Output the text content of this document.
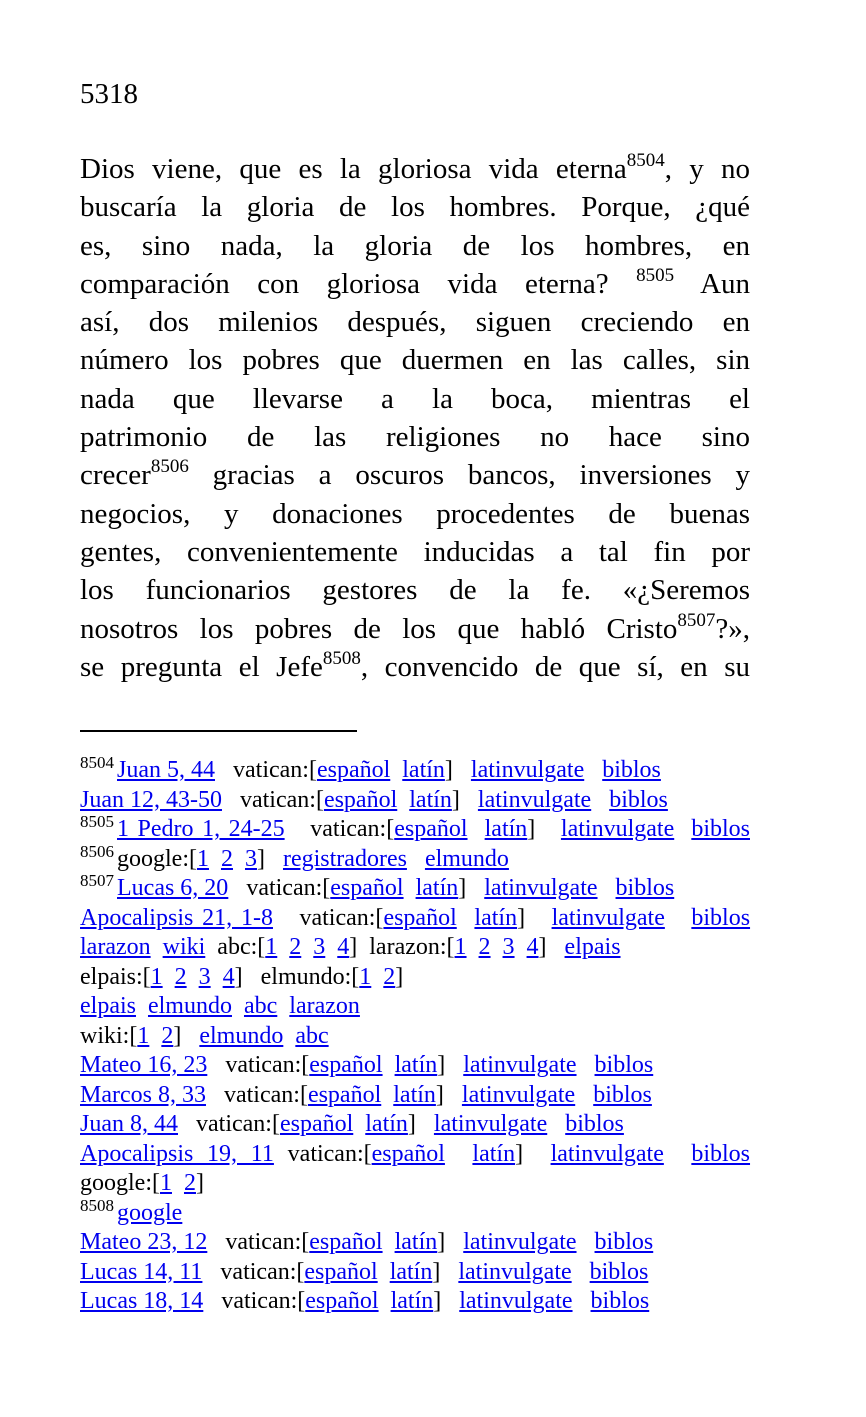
5318
Dios viene, que es la gloriosa vida eterna$^{8504}$, y no
buscaría la gloria de los hombres. Porque, ¿qué
es, sino nada, la gloria de los hombres, en
comparación con gloriosa vida eterna? $^{8505}$ Aun
así, dos milenios después, siguen creciendo en
número los pobres que duermen en las calles, sin
nada que llevarse a la boca, mientras el
patrimonio de las religiones no hace sino
crecer$^{8506}$ gracias a oscuros bancos, inversiones y
negocios, y donaciones procedentes de buenas
gentes, convenientemente inducidas a tal fin por
los funcionarios gestores de la fe. «¿Seremos
nosotros los pobres de los que habló Cristo$^{8507}$?»,
se pregunta el Jefe$^{8508}$, convencido de que sí, en su
$^{8504}$ Juan 5, 44   vatican:[español latín]   latinvulgate biblos
Juan 12, 43-50   vatican:[español latín]   latinvulgate biblos
$^{8505}$ 1 Pedro 1, 24-25   vatican:[español latín]   latinvulgate biblos
$^{8506}$ google:[1 2 3]   registradores elmundo
$^{8507}$ Lucas 6, 20   vatican:[español latín]   latinvulgate biblos
Apocalipsis 21, 1-8   vatican:[español latín]   latinvulgate biblos
larazon wiki  abc:[1 2 3 4]  larazon:[1 2 3 4]   elpais
elpais:[1 2 3 4]   elmundo:[1 2]
elpais elmundo abc larazon
wiki:[1 2]   elmundo abc
Mateo 16, 23   vatican:[español latín]   latinvulgate biblos
Marcos 8, 33   vatican:[español latín]   latinvulgate biblos
Juan 8, 44   vatican:[español latín]   latinvulgate biblos
Apocalipsis 19, 11 vatican:[español latín]  latinvulgate biblos
google:[1 2]
$^{8508}$ google
Mateo 23, 12   vatican:[español latín]   latinvulgate biblos
Lucas 14, 11   vatican:[español latín]   latinvulgate biblos
Lucas 18, 14   vatican:[español latín]   latinvulgate biblos
